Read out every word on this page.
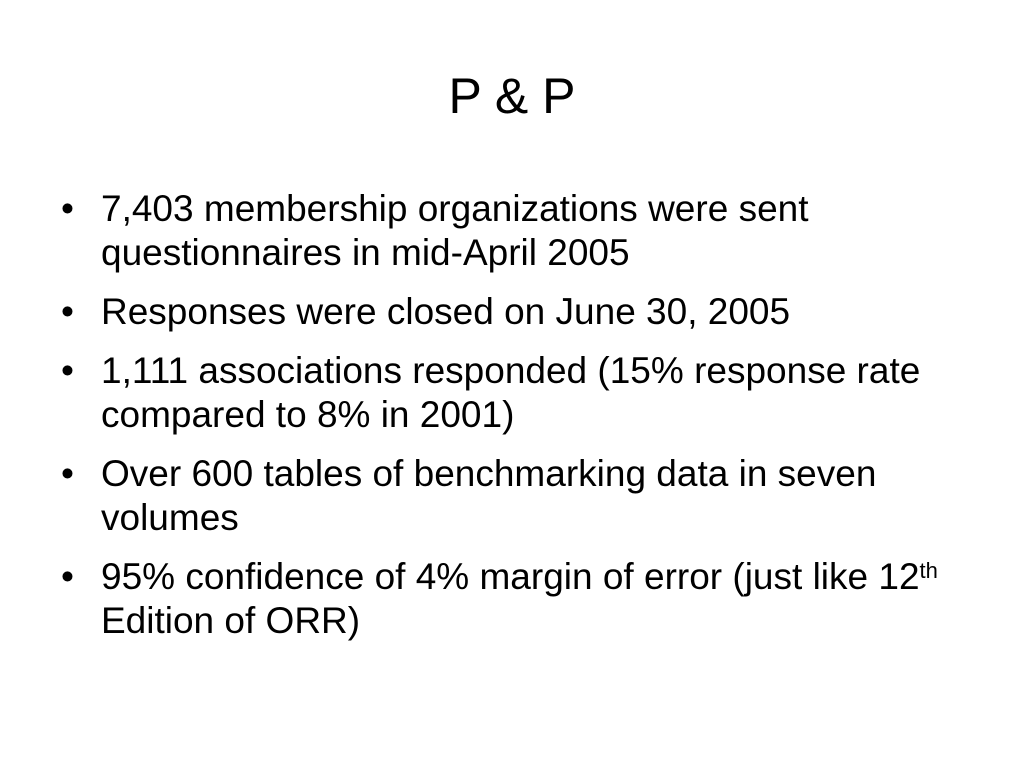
P & P
• 7,403 membership organizations were sent questionnaires in mid-April 2005
• Responses were closed on June 30, 2005
• 1,111 associations responded (15% response rate compared to 8% in 2001)
• Over 600 tables of benchmarking data in seven volumes
• 95% confidence of 4% margin of error (just like 12th Edition of ORR)
